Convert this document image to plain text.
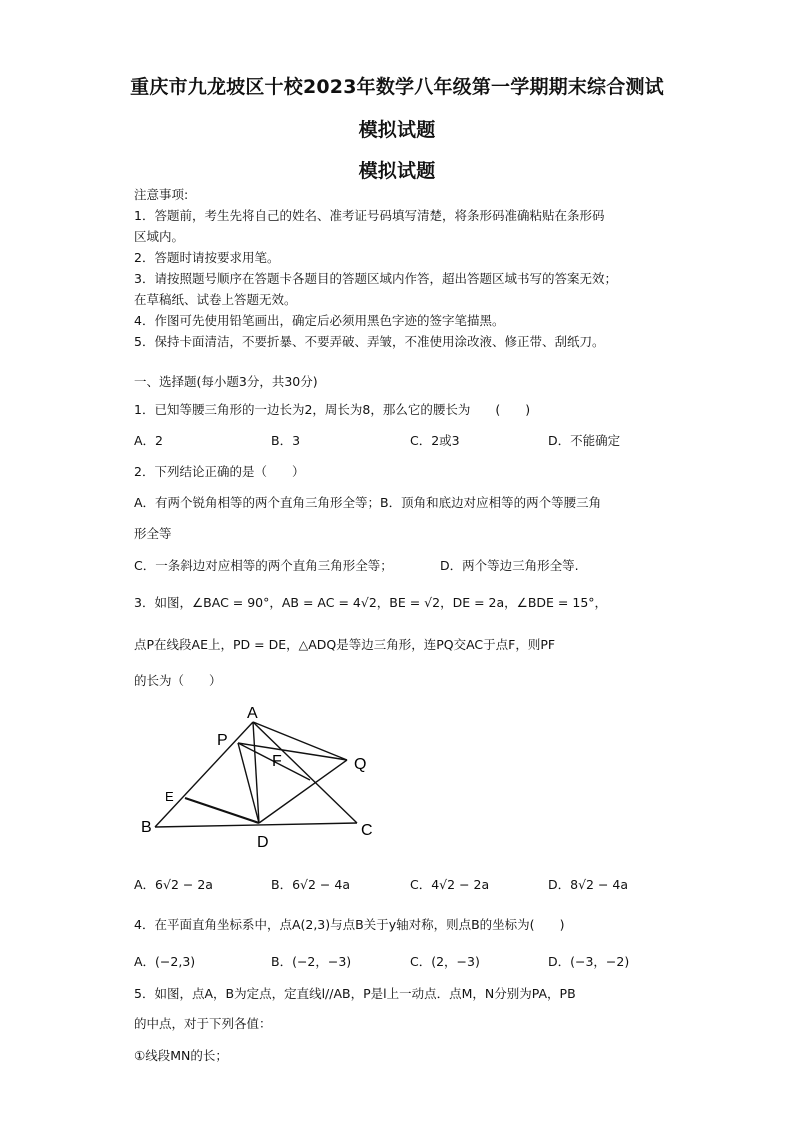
重庆市九龙坡区十校2023年数学八年级第一学期期末综合测试
模拟试题
模拟试题
注意事项:
1．答题前，考生先将自己的姓名、准考证号码填写清楚，将条形码准确粘贴在条形码
区域内。
2．答题时请按要求用笔。
3．请按照题号顺序在答题卡各题目的答题区域内作答，超出答题区域书写的答案无效；
在草稿纸、试卷上答题无效。
4．作图可先使用铅笔画出，确定后必须用黑色字迹的签字笔描黑。
5．保持卡面清洁，不要折暴、不要弄破、弄皱，不准使用涂改液、修正带、刮纸刀。
一、选择题(每小题3分，共30分)
1．已知等腰三角形的一边长为2，周长为8，那么它的腰长为　　(　　)
A．2	B．3	C．2或3	D．不能确定
2．下列结论正确的是（　　）
A．有两个锐角相等的两个直角三角形全等；B．顶角和底边对应相等的两个等腰三角
形全等
C．一条斜边对应相等的两个直角三角形全等；	D．两个等边三角形全等.
3．如图，∠BAC = 90°，AB = AC = 4√2，BE = √2，DE = 2a，∠BDE = 15°，
点P在线段AE上，PD = DE，△ADQ是等边三角形，连PQ交AC于点F，则PF
的长为（　　）
A
P
F	Q
E
B
D
C
A．6√2 − 2a	B．6√2 − 4a	C．4√2 − 2a	D．8√2 − 4a
4．在平面直角坐标系中，点A(2,3)与点B关于y轴对称，则点B的坐标为(　　)
A．(−2,3)	B．(−2，−3)	C．(2，−3)	D．(−3，−2)
5．如图，点A，B为定点，定直线l//AB，P是l上一动点．点M，N分别为PA，PB
的中点，对于下列各值：
①线段MN的长；
